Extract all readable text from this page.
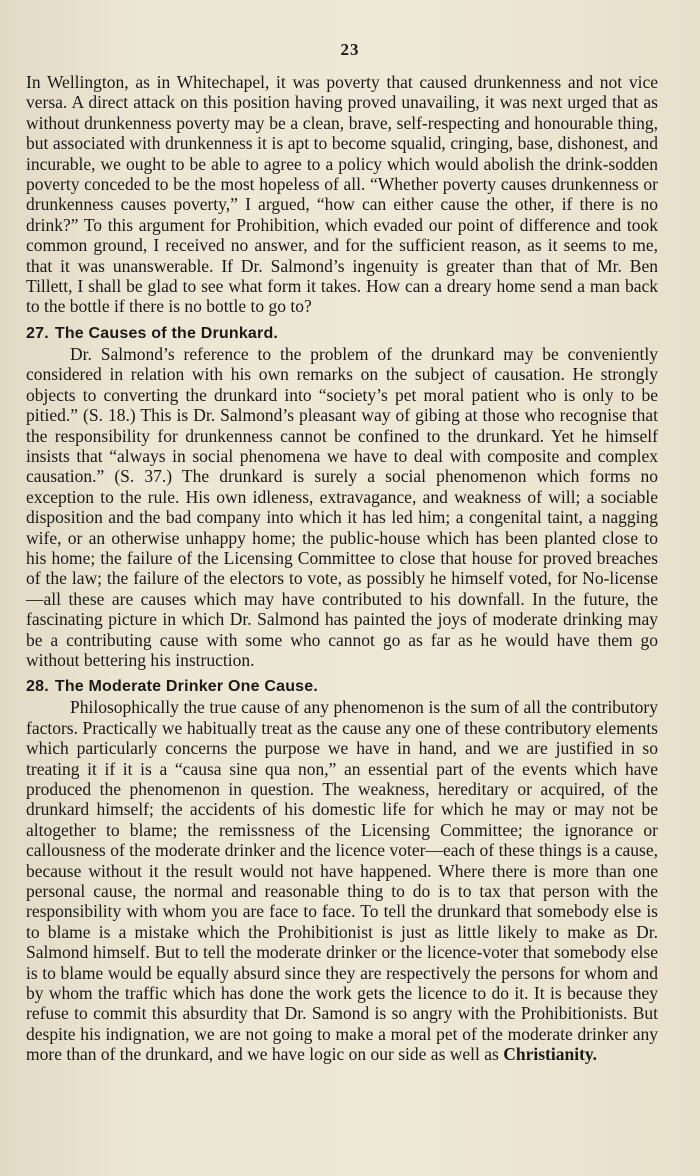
23

In Wellington, as in Whitechapel, it was poverty that caused drunkenness and not vice versa. A direct attack on this position having proved unavailing, it was next urged that as without drunkenness poverty may be a clean, brave, self-respecting and honourable thing, but associated with drunkenness it is apt to become squalid, cringing, base, dishonest, and incurable, we ought to be able to agree to a policy which would abolish the drink-sodden poverty conceded to be the most hopeless of all. “Whether poverty causes drunkenness or drunkenness causes poverty,” I argued, “how can either cause the other, if there is no drink?” To this argument for Prohibition, which evaded our point of difference and took common ground, I received no answer, and for the sufficient reason, as it seems to me, that it was unanswerable. If Dr. Salmond’s ingenuity is greater than that of Mr. Ben Tillett, I shall be glad to see what form it takes. How can a dreary home send a man back to the bottle if there is no bottle to go to?

27. The Causes of the Drunkard.

Dr. Salmond’s reference to the problem of the drunkard may be conveniently considered in relation with his own remarks on the subject of causation. He strongly objects to converting the drunkard into “society’s pet moral patient who is only to be pitied.” (S. 18.) This is Dr. Salmond’s pleasant way of gibing at those who recognise that the responsibility for drunkenness cannot be confined to the drunkard. Yet he himself insists that “always in social phenomena we have to deal with composite and complex causation.” (S. 37.) The drunkard is surely a social phenomenon which forms no exception to the rule. His own idleness, extravagance, and weakness of will; a sociable disposition and the bad company into which it has led him; a congenital taint, a nagging wife, or an otherwise unhappy home; the public-house which has been planted close to his home; the failure of the Licensing Committee to close that house for proved breaches of the law; the failure of the electors to vote, as possibly he himself voted, for No-license—all these are causes which may have contributed to his downfall. In the future, the fascinating picture in which Dr. Salmond has painted the joys of moderate drinking may be a contributing cause with some who cannot go as far as he would have them go without bettering his instruction.

28. The Moderate Drinker One Cause.

Philosophically the true cause of any phenomenon is the sum of all the contributory factors. Practically we habitually treat as the cause any one of these contributory elements which particularly concerns the purpose we have in hand, and we are justified in so treating it if it is a “causa sine qua non,” an essential part of the events which have produced the phenomenon in question. The weakness, hereditary or acquired, of the drunkard himself; the accidents of his domestic life for which he may or may not be altogether to blame; the remissness of the Licensing Committee; the ignorance or callousness of the moderate drinker and the licence voter—each of these things is a cause, because without it the result would not have happened. Where there is more than one personal cause, the normal and reasonable thing to do is to tax that person with the responsibility with whom you are face to face. To tell the drunkard that somebody else is to blame is a mistake which the Prohibitionist is just as little likely to make as Dr. Salmond himself. But to tell the moderate drinker or the licence-voter that somebody else is to blame would be equally absurd since they are respectively the persons for whom and by whom the traffic which has done the work gets the licence to do it. It is because they refuse to commit this absurdity that Dr. Samond is so angry with the Prohibitionists. But despite his indignation, we are not going to make a moral pet of the moderate drinker any more than of the drunkard, and we have logic on our side as well as Christianity.
